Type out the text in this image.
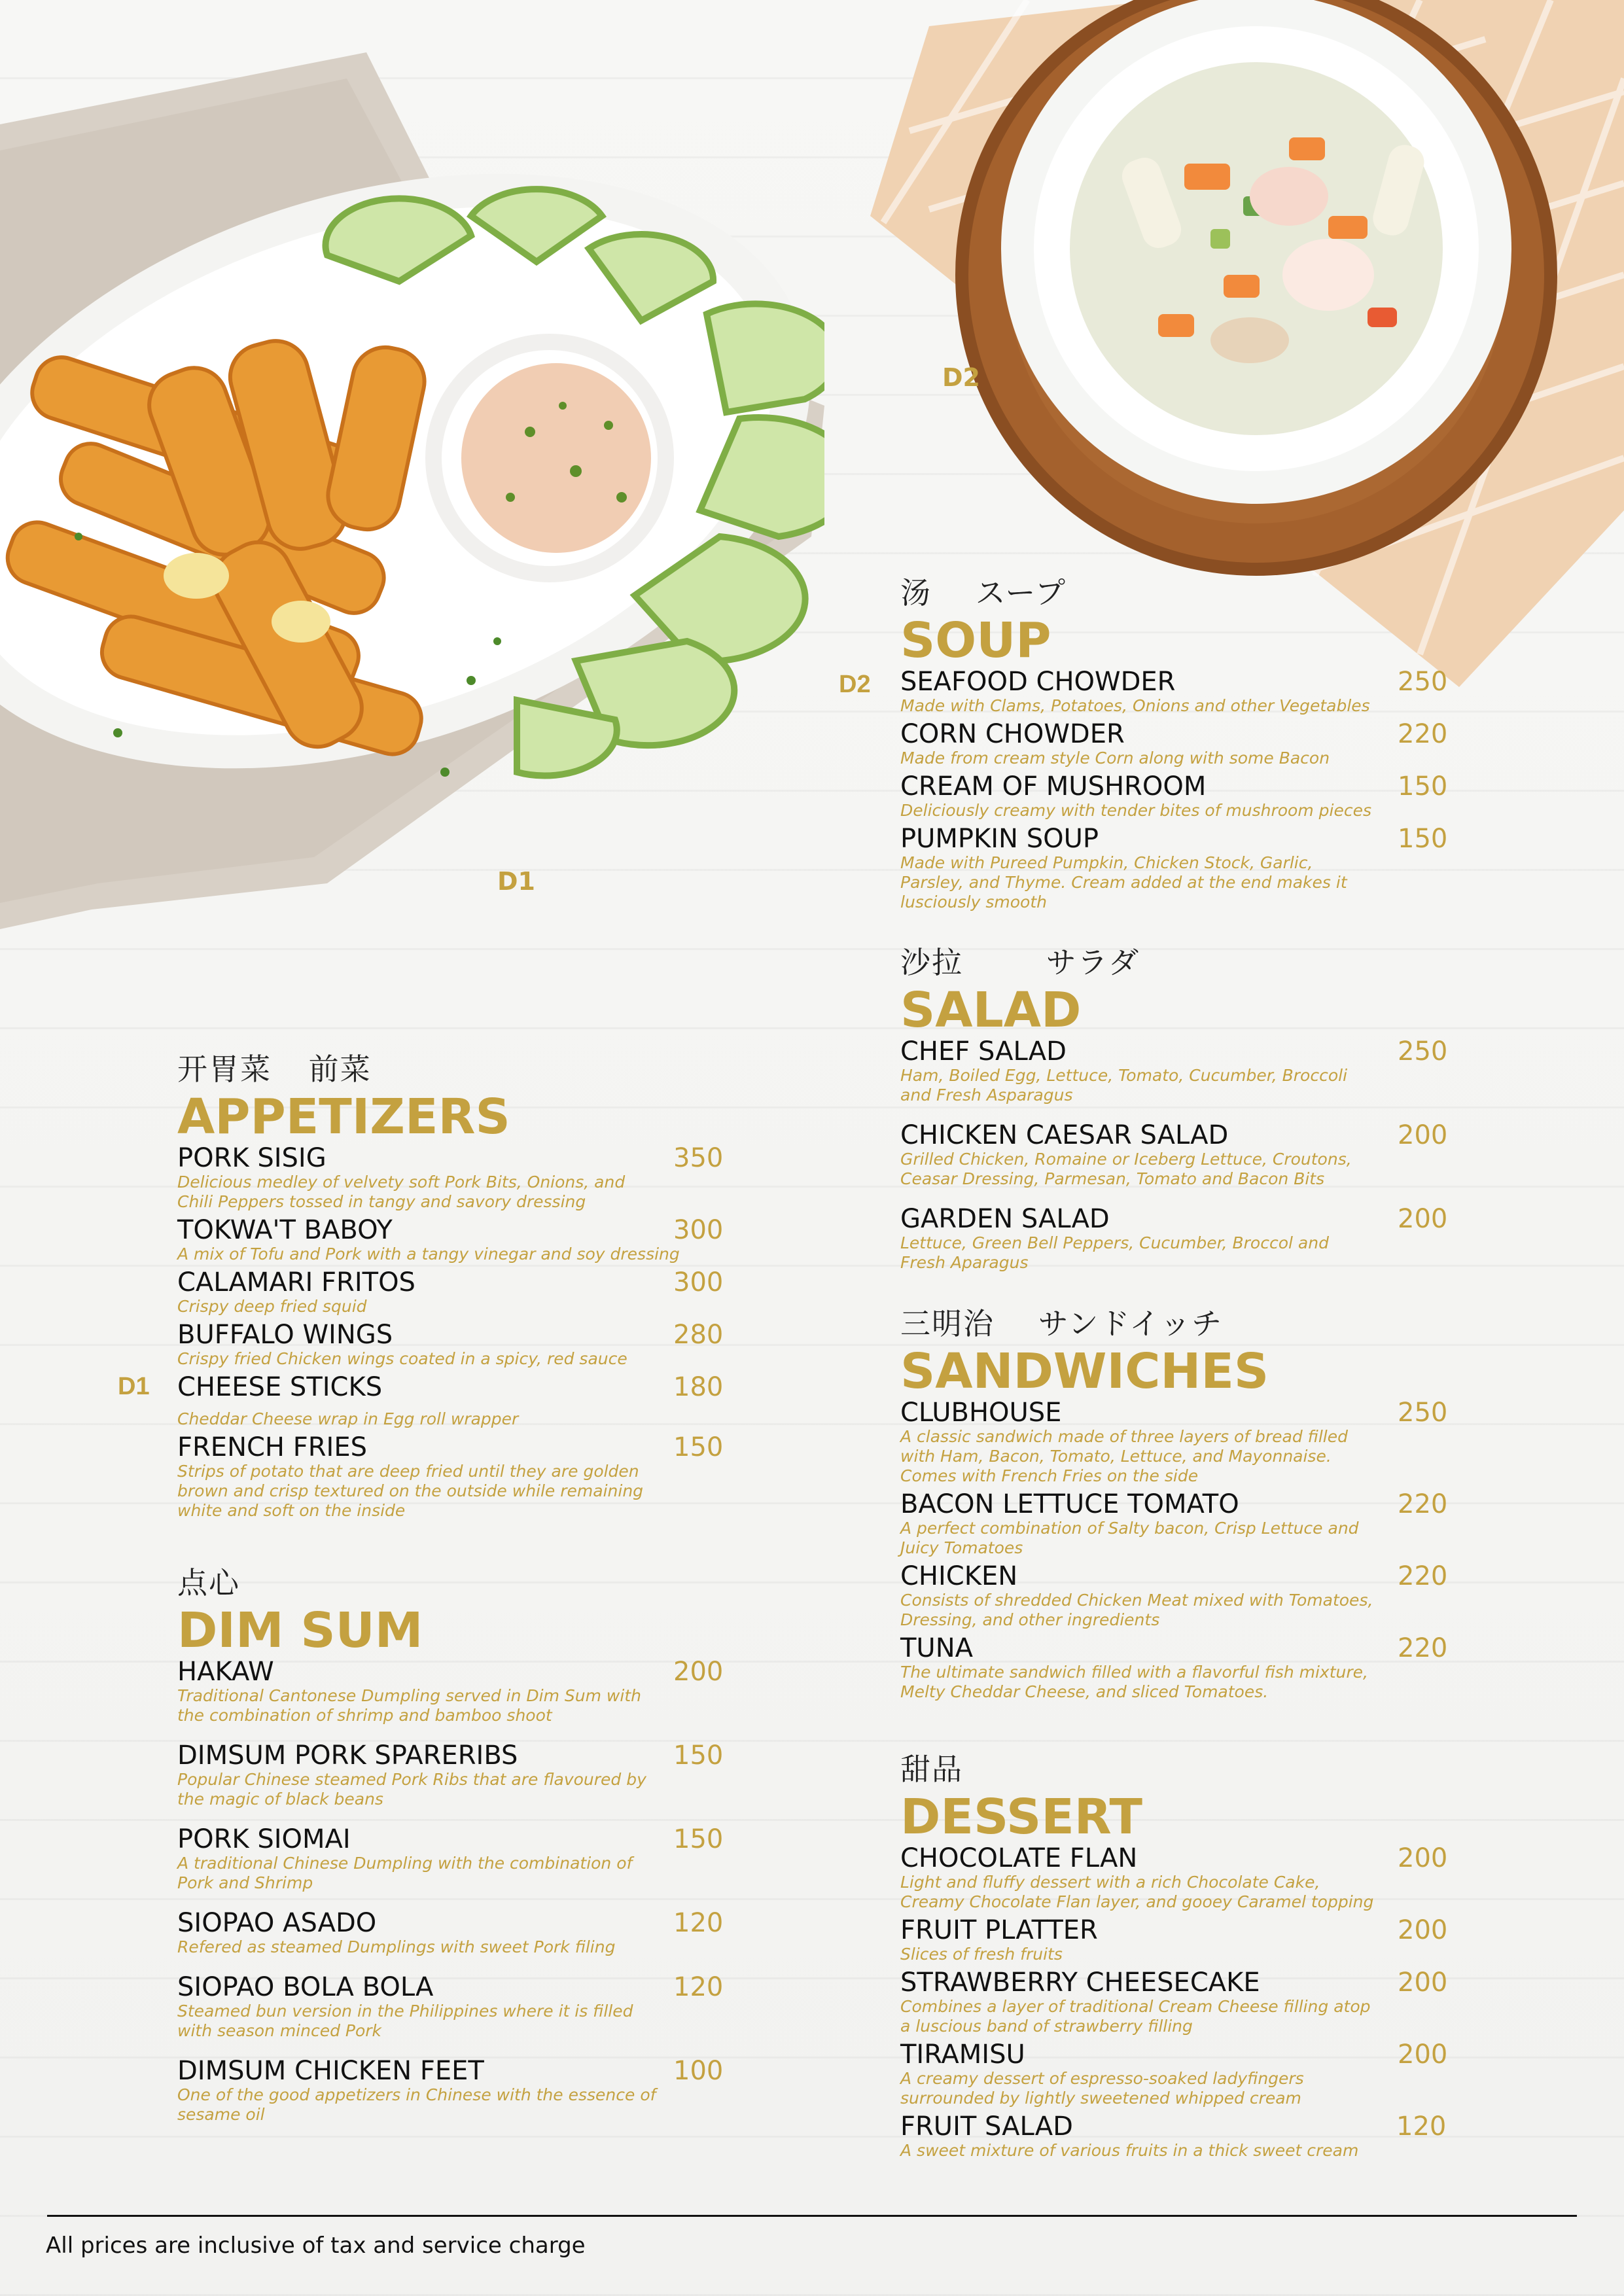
D1
D2
D2
汤 スープ
SOUP
SEAFOOD CHOWDER
Made with Clams, Potatoes, Onions and other Vegetables
250
CORN CHOWDER
Made from cream style Corn along with some Bacon
220
CREAM OF MUSHROOM
Deliciously creamy with tender bites of mushroom pieces
150
PUMPKIN SOUP
Made with Pureed Pumpkin, Chicken Stock, Garlic, Parsley, and Thyme. Cream added at the end makes it lusciously smooth
150
沙拉 サラダ
SALAD
CHEF SALAD
Ham, Boiled Egg, Lettuce, Tomato, Cucumber, Broccoli and Fresh Asparagus
250
CHICKEN CAESAR SALAD
Grilled Chicken, Romaine or Iceberg Lettuce, Croutons, Ceasar Dressing, Parmesan, Tomato and Bacon Bits
200
GARDEN SALAD
Lettuce, Green Bell Peppers, Cucumber, Broccol and Fresh Aparagus
200
三明治 サンドイッチ
SANDWICHES
CLUBHOUSE
A classic sandwich made of three layers of bread filled with Ham, Bacon, Tomato, Lettuce, and Mayonnaise. Comes with French Fries on the side
250
BACON LETTUCE TOMATO
A perfect combination of Salty bacon, Crisp Lettuce and Juicy Tomatoes
220
CHICKEN
Consists of shredded Chicken Meat mixed with Tomatoes, Dressing, and other ingredients
220
TUNA
The ultimate sandwich filled with a flavorful fish mixture, Melty Cheddar Cheese, and sliced Tomatoes.
220
甜品
DESSERT
CHOCOLATE FLAN
Light and fluffy dessert with a rich Chocolate Cake, Creamy Chocolate Flan layer, and gooey Caramel topping
200
FRUIT PLATTER
Slices of fresh fruits
200
STRAWBERRY CHEESECAKE
Combines a layer of traditional Cream Cheese filling atop a luscious band of strawberry filling
200
TIRAMISU
A creamy dessert of espresso-soaked ladyfingers surrounded by lightly sweetened whipped cream
200
FRUIT SALAD
A sweet mixture of various fruits in a thick sweet cream
120
D1
开胃菜 前菜
APPETIZERS
PORK SISIG
Delicious medley of velvety soft Pork Bits, Onions, and Chili Peppers tossed in tangy and savory dressing
350
TOKWA'T BABOY
A mix of Tofu and Pork with a tangy vinegar and soy dressing
300
CALAMARI FRITOS
Crispy deep fried squid
300
BUFFALO WINGS
Crispy fried Chicken wings coated in a spicy, red sauce
280
CHEESE STICKS
Cheddar Cheese wrap in Egg roll wrapper
180
FRENCH FRIES
Strips of potato that are deep fried until they are golden brown and crisp textured on the outside while remaining white and soft on the inside
150
点心
DIM SUM
HAKAW
Traditional Cantonese Dumpling served in Dim Sum with the combination of shrimp and bamboo shoot
200
DIMSUM PORK SPARERIBS
Popular Chinese steamed Pork Ribs that are flavoured by the magic of black beans
150
PORK SIOMAI
A traditional Chinese Dumpling with the combination of Pork and Shrimp
150
SIOPAO ASADO
Refered as steamed Dumplings with sweet Pork filing
120
SIOPAO BOLA BOLA
Steamed bun version in the Philippines where it is filled with season minced Pork
120
DIMSUM CHICKEN FEET
One of the good appetizers in Chinese with the essence of sesame oil
100
All prices are inclusive of tax and service charge
